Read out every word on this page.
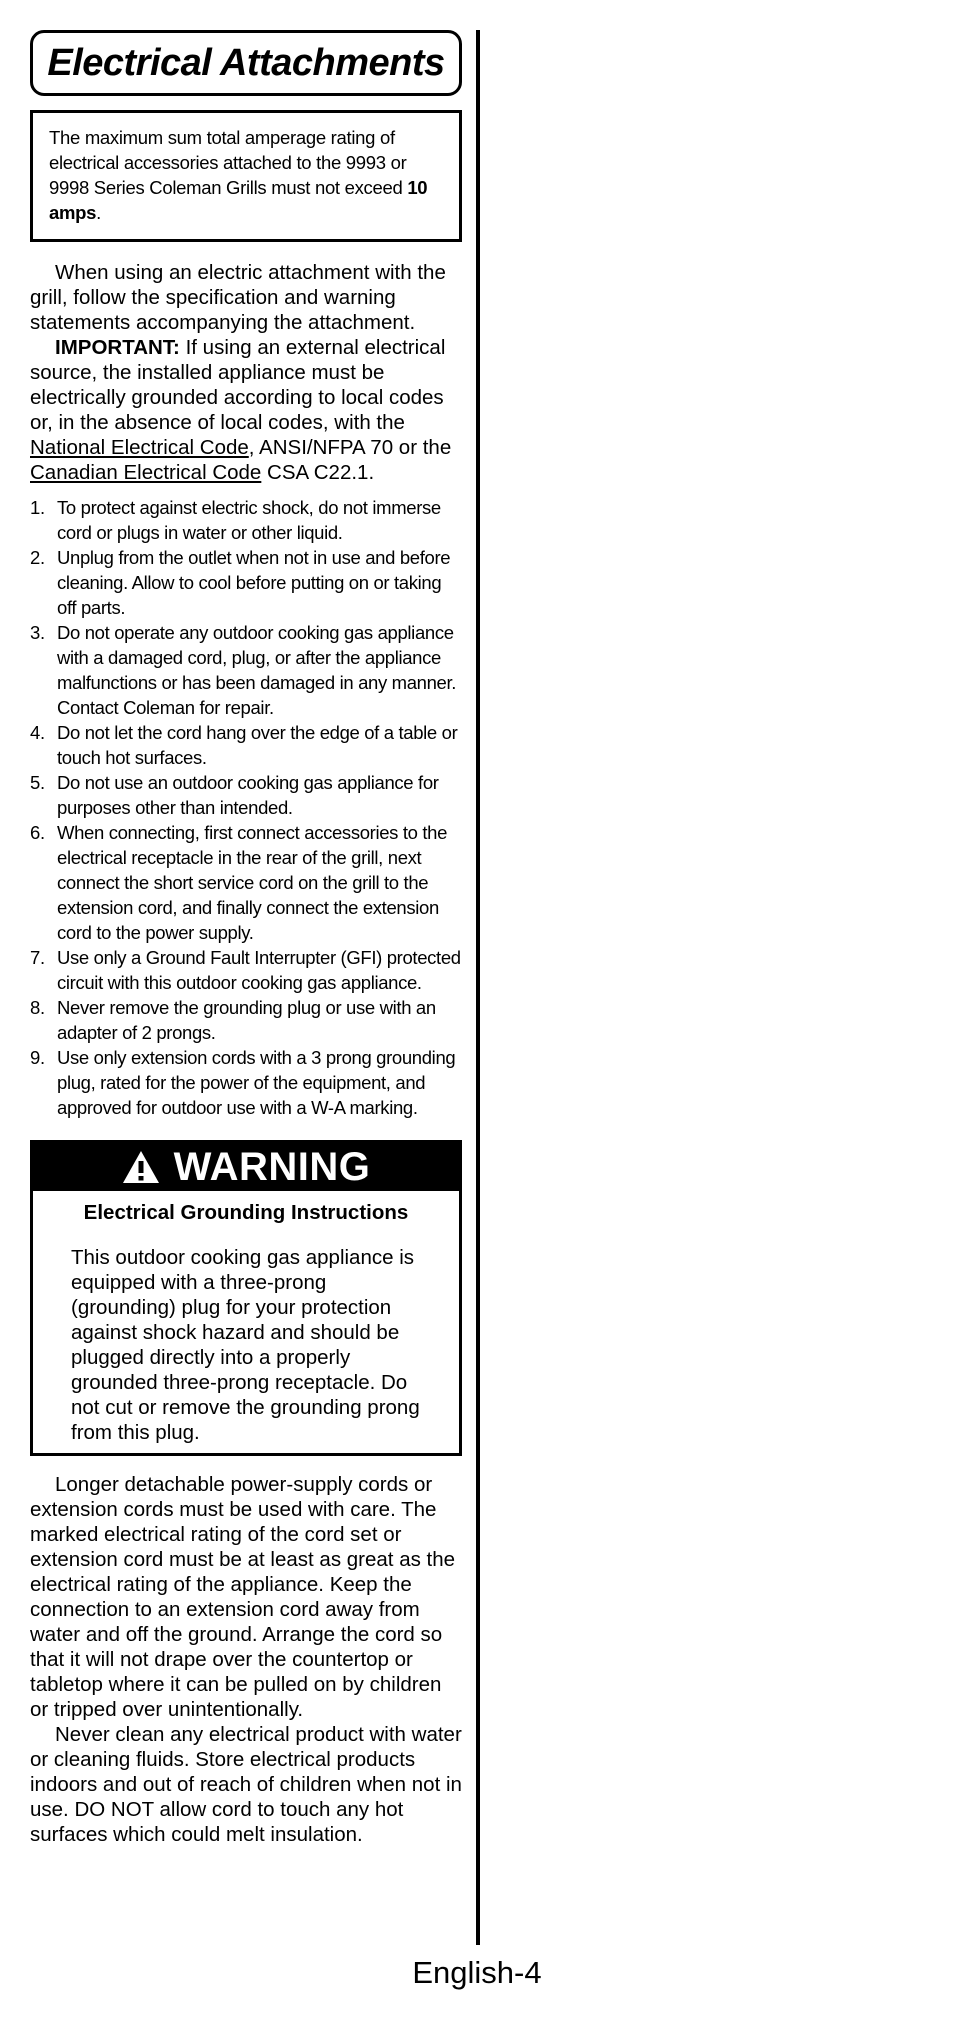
Electrical Attachments
The maximum sum total amperage rating of electrical accessories attached to the 9993 or 9998 Series Coleman Grills must not exceed 10 amps.

When using an electric attachment with the grill, follow the specification and warning statements accompanying the attachment.

IMPORTANT: If using an external electrical source, the installed appliance must be electrically grounded according to local codes or, in the absence of local codes, with the National Electrical Code, ANSI/NFPA 70 or the Canadian Electrical Code CSA C22.1.

1. To protect against electric shock, do not immerse cord or plugs in water or other liquid.
2. Unplug from the outlet when not in use and before cleaning. Allow to cool before putting on or taking off parts.
3. Do not operate any outdoor cooking gas appliance with a damaged cord, plug, or after the appliance malfunctions or has been damaged in any manner. Contact Coleman for repair.
4. Do not let the cord hang over the edge of a table or touch hot surfaces.
5. Do not use an outdoor cooking gas appliance for purposes other than intended.
6. When connecting, first connect accessories to the electrical receptacle in the rear of the grill, next connect the short service cord on the grill to the extension cord, and finally connect the extension cord to the power supply.
7. Use only a Ground Fault Interrupter (GFI) protected circuit with this outdoor cooking gas appliance.
8. Never remove the grounding plug or use with an adapter of 2 prongs.
9. Use only extension cords with a 3 prong grounding plug, rated for the power of the equipment, and approved for outdoor use with a W-A marking.
WARNING
Electrical Grounding Instructions

This outdoor cooking gas appliance is equipped with a three-prong (grounding) plug for your protection against shock hazard and should be plugged directly into a properly grounded three-prong receptacle. Do not cut or remove the grounding prong from this plug.

Longer detachable power-supply cords or extension cords must be used with care. The marked electrical rating of the cord set or extension cord must be at least as great as the electrical rating of the appliance. Keep the connection to an extension cord away from water and off the ground. Arrange the cord so that it will not drape over the countertop or tabletop where it can be pulled on by children or tripped over unintentionally.

Never clean any electrical product with water or cleaning fluids. Store electrical products indoors and out of reach of children when not in use. DO NOT allow cord to touch any hot surfaces which could melt insulation.

English-4
